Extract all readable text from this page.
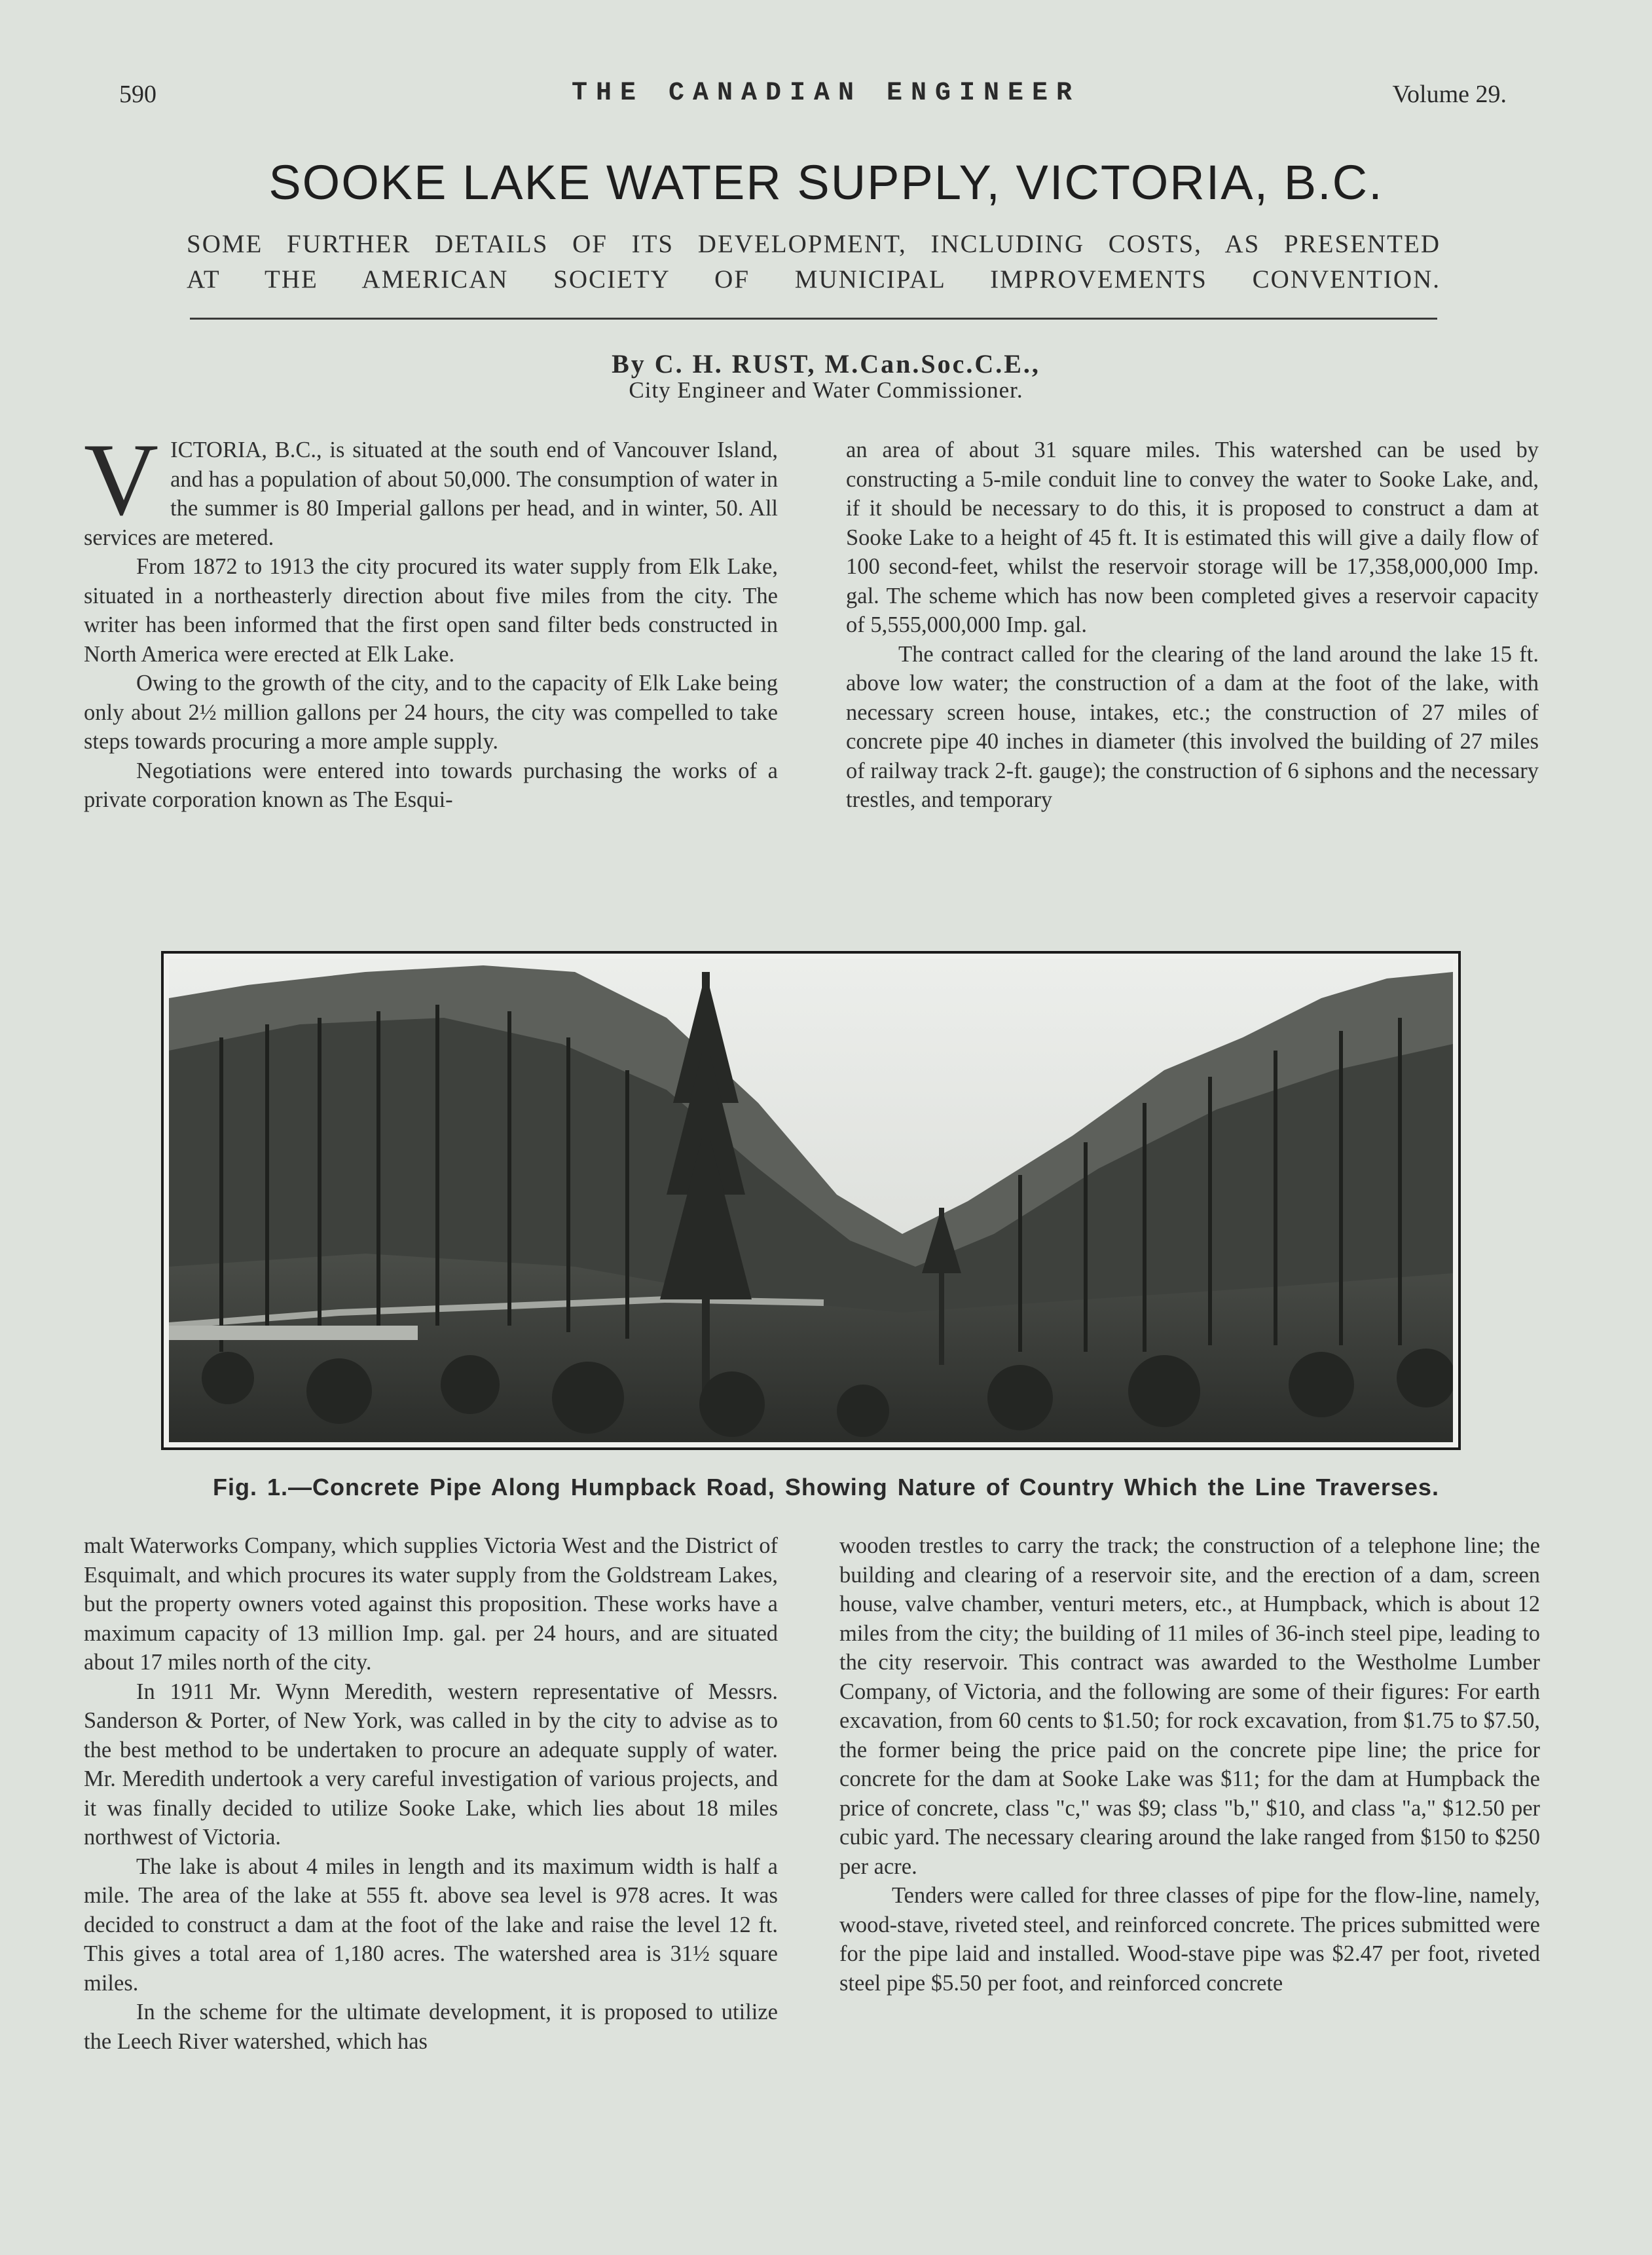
590	THE CANADIAN ENGINEER	Volume 29.
SOOKE LAKE WATER SUPPLY, VICTORIA, B.C.
SOME FURTHER DETAILS OF ITS DEVELOPMENT, INCLUDING COSTS, AS PRESENTED
AT THE AMERICAN SOCIETY OF MUNICIPAL IMPROVEMENTS CONVENTION.
By C. H. RUST, M.Can.Soc.C.E.,
City Engineer and Water Commissioner.

VICTORIA, B.C., is situated at the south end of Vancouver Island, and has a population of about 50,000. The consumption of water in the summer is 80 Imperial gallons per head, and in winter, 50. All services are metered.

From 1872 to 1913 the city procured its water supply from Elk Lake, situated in a northeasterly direction about five miles from the city. The writer has been informed that the first open sand filter beds constructed in North America were erected at Elk Lake.

Owing to the growth of the city, and to the capacity of Elk Lake being only about 2½ million gallons per 24 hours, the city was compelled to take steps towards procuring a more ample supply.

Negotiations were entered into towards purchasing the works of a private corporation known as The Esqui-

an area of about 31 square miles. This watershed can be used by constructing a 5-mile conduit line to convey the water to Sooke Lake, and, if it should be necessary to do this, it is proposed to construct a dam at Sooke Lake to a height of 45 ft. It is estimated this will give a daily flow of 100 second-feet, whilst the reservoir storage will be 17,358,000,000 Imp. gal. The scheme which has now been completed gives a reservoir capacity of 5,555,000,000 Imp. gal.

The contract called for the clearing of the land around the lake 15 ft. above low water; the construction of a dam at the foot of the lake, with necessary screen house, intakes, etc.; the construction of 27 miles of concrete pipe 40 inches in diameter (this involved the building of 27 miles of railway track 2-ft. gauge); the construction of 6 siphons and the necessary trestles, and temporary

Fig. 1.—Concrete Pipe Along Humpback Road, Showing Nature of Country Which the Line Traverses.

malt Waterworks Company, which supplies Victoria West and the District of Esquimalt, and which procures its water supply from the Goldstream Lakes, but the property owners voted against this proposition. These works have a maximum capacity of 13 million Imp. gal. per 24 hours, and are situated about 17 miles north of the city.

In 1911 Mr. Wynn Meredith, western representative of Messrs. Sanderson & Porter, of New York, was called in by the city to advise as to the best method to be undertaken to procure an adequate supply of water. Mr. Meredith undertook a very careful investigation of various projects, and it was finally decided to utilize Sooke Lake, which lies about 18 miles northwest of Victoria.

The lake is about 4 miles in length and its maximum width is half a mile. The area of the lake at 555 ft. above sea level is 978 acres. It was decided to construct a dam at the foot of the lake and raise the level 12 ft. This gives a total area of 1,180 acres. The watershed area is 31½ square miles.

In the scheme for the ultimate development, it is proposed to utilize the Leech River watershed, which has

wooden trestles to carry the track; the construction of a telephone line; the building and clearing of a reservoir site, and the erection of a dam, screen house, valve chamber, venturi meters, etc., at Humpback, which is about 12 miles from the city; the building of 11 miles of 36-inch steel pipe, leading to the city reservoir. This contract was awarded to the Westholme Lumber Company, of Victoria, and the following are some of their figures: For earth excavation, from 60 cents to $1.50; for rock excavation, from $1.75 to $7.50, the former being the price paid on the concrete pipe line; the price for concrete for the dam at Sooke Lake was $11; for the dam at Humpback the price of concrete, class "c," was $9; class "b," $10, and class "a," $12.50 per cubic yard. The necessary clearing around the lake ranged from $150 to $250 per acre.

Tenders were called for three classes of pipe for the flow-line, namely, wood-stave, riveted steel, and reinforced concrete. The prices submitted were for the pipe laid and installed. Wood-stave pipe was $2.47 per foot, riveted steel pipe $5.50 per foot, and reinforced concrete
